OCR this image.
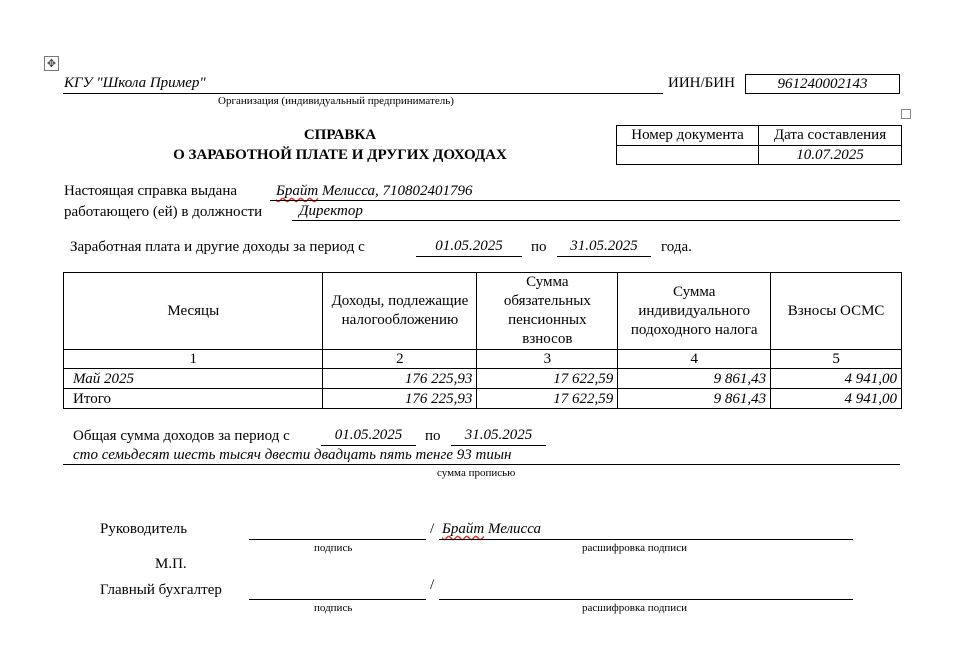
✥
КГУ "Школа Пример"
Организация (индивидуальный предприниматель)
ИИН/БИН	961240002143
СПРАВКА
О ЗАРАБОТНОЙ ПЛАТЕ И ДРУГИХ ДОХОДАХ
Номер документа	Дата составления
	10.07.2025
Настоящая справка выдана	Брайт Мелисса, 710802401796
работающего (ей) в должности Директор
Заработная плата и другие доходы за период с	01.05.2025	по	31.05.2025	года.
Месяцы	Доходы, подлежащие налогообложению	Сумма обязательных пенсионных взносов	Сумма индивидуального подоходного налога	Взносы ОСМС
1	2	3	4	5
Май 2025	176 225,93	17 622,59	9 861,43	4 941,00
Итого	176 225,93	17 622,59	9 861,43	4 941,00
Общая сумма доходов за период с	01.05.2025	по	31.05.2025
сто семьдесят шесть тысяч двести двадцать пять тенге 93 тиын
сумма прописью
Руководитель	/ Брайт Мелисса
подпись	расшифровка подписи
М.П.
Главный бухгалтер	/
подпись	расшифровка подписи
